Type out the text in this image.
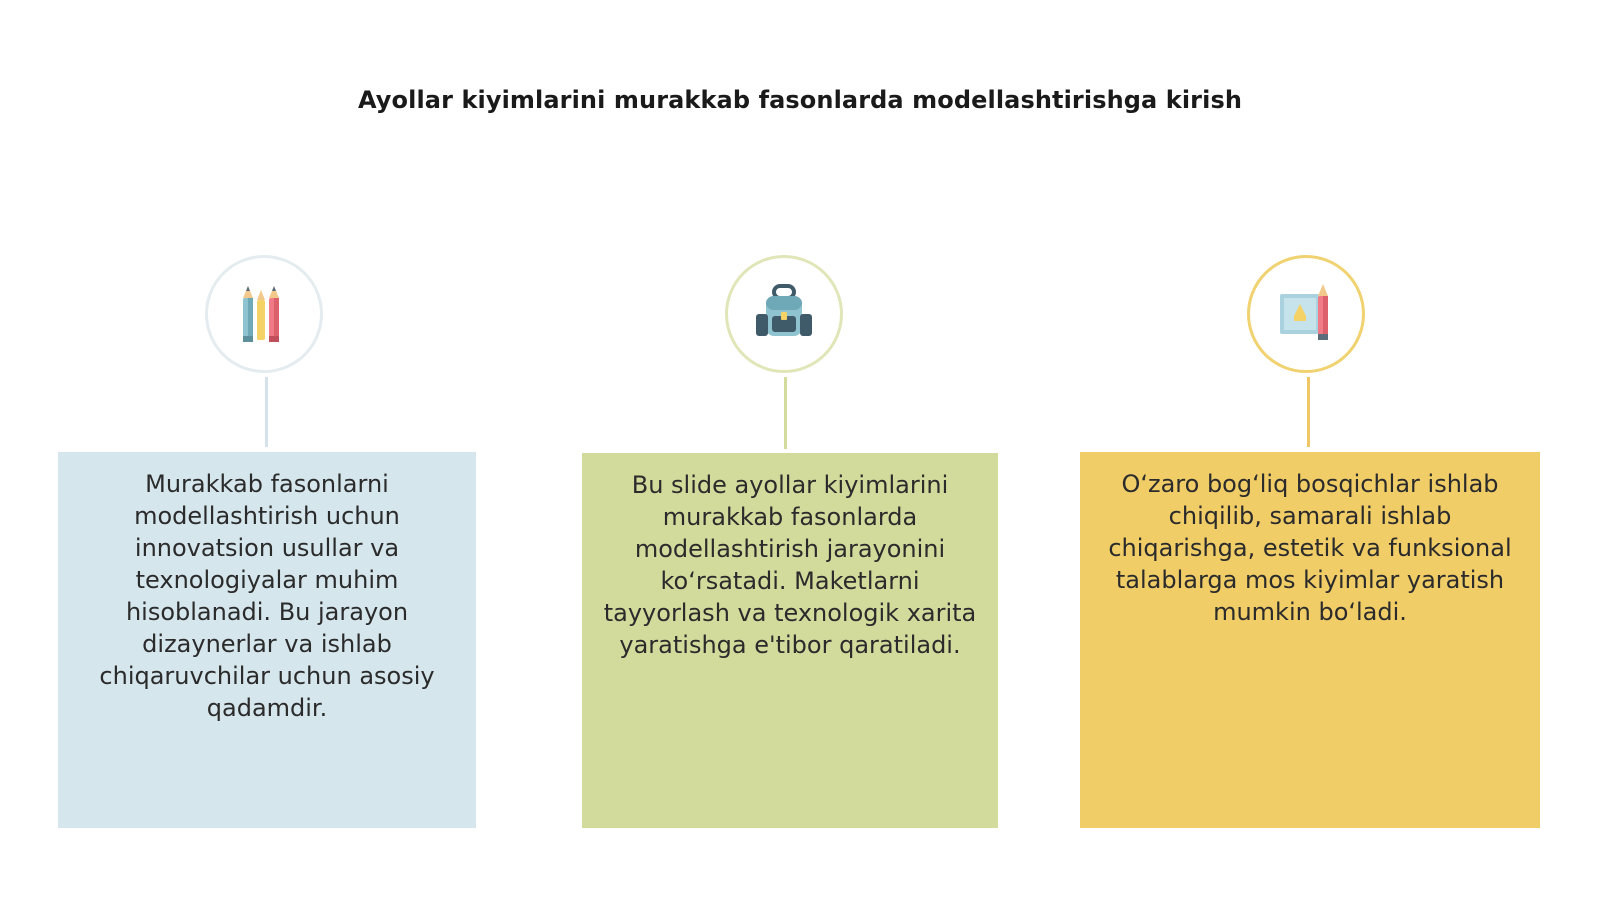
Ayollar kiyimlarini murakkab fasonlarda modellashtirishga kirish
Murakkab fasonlarni modellashtirish uchun innovatsion usullar va texnologiyalar muhim hisoblanadi. Bu jarayon dizaynerlar va ishlab chiqaruvchilar uchun asosiy qadamdir.
Bu slide ayollar kiyimlarini murakkab fasonlarda modellashtirish jarayonini ko‘rsatadi. Maketlarni tayyorlash va texnologik xarita yaratishga e'tibor qaratiladi.
O‘zaro bog‘liq bosqichlar ishlab chiqilib, samarali ishlab chiqarishga, estetik va funksional talablarga mos kiyimlar yaratish mumkin bo‘ladi.
